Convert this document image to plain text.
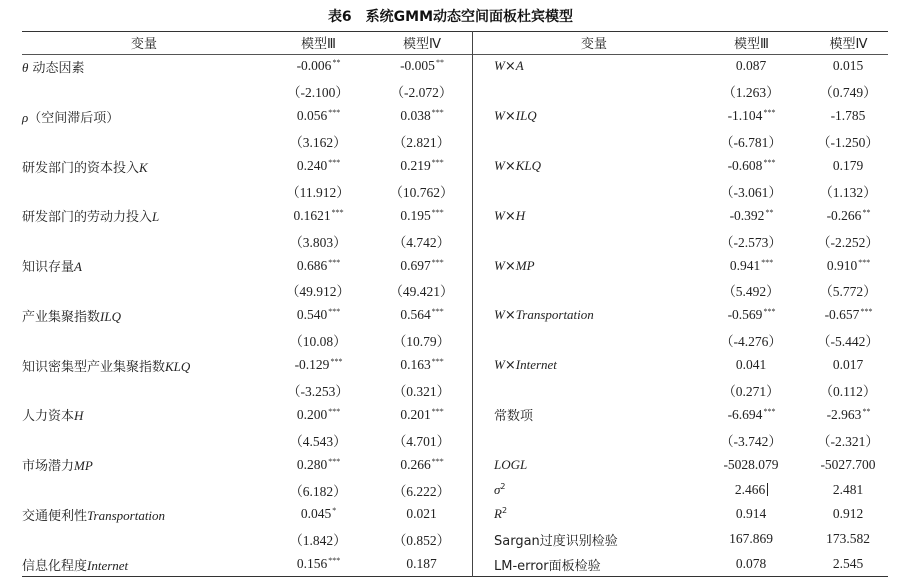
表6　系统GMM动态空间面板杜宾模型
变量	模型Ⅲ	模型Ⅳ		变量	模型Ⅲ	模型Ⅳ
θ 动态因素	-0.006**	-0.005**		W×A	0.087	0.015
	（-2.100）	（-2.072）			（1.263）	（0.749）
ρ（空间滞后项）	0.056***	0.038***		W×ILQ	-1.104***	-1.785
	（3.162）	（2.821）			（-6.781）	（-1.250）
研发部门的资本投入K	0.240***	0.219***		W×KLQ	-0.608***	0.179
	（11.912）	（10.762）			（-3.061）	（1.132）
研发部门的劳动力投入L	0.1621***	0.195***		W×H	-0.392**	-0.266**
	（3.803）	（4.742）			（-2.573）	（-2.252）
知识存量A	0.686***	0.697***		W×MP	0.941***	0.910***
	（49.912）	（49.421）			（5.492）	（5.772）
产业集聚指数ILQ	0.540***	0.564***		W×Transportation	-0.569***	-0.657***
	（10.08）	（10.79）			（-4.276）	（-5.442）
知识密集型产业集聚指数KLQ	-0.129***	0.163***		W×Internet	0.041	0.017
	（-3.253）	（0.321）			（0.271）	（0.112）
人力资本H	0.200***	0.201***		常数项	-6.694***	-2.963**
	（4.543）	（4.701）			（-3.742）	（-2.321）
市场潜力MP	0.280***	0.266***		LOGL	-5028.079	-5027.700
	（6.182）	（6.222）		$\sigma^2$	2.466	2.481
交通便利性Transportation	0.045*	0.021		$R^2$	0.914	0.912
	（1.842）	（0.852）		Sargan过度识别检验	167.869	173.582
信息化程度Internet	0.156***	0.187		LM-error面板检验	0.078	2.545
